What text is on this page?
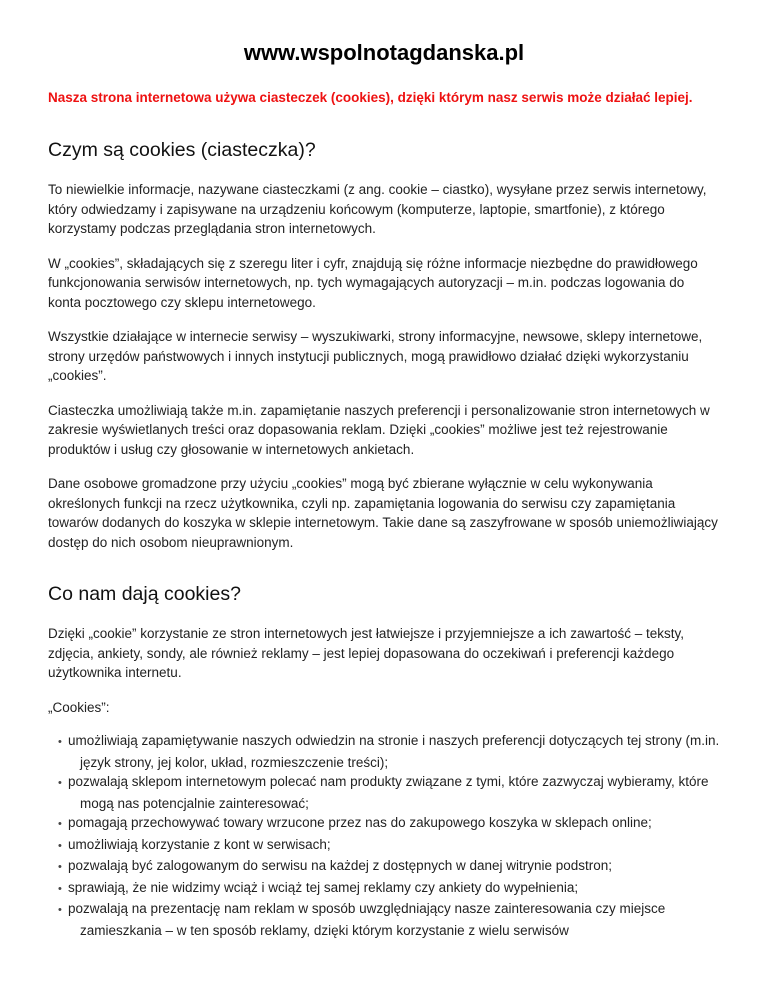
www.wspolnotagdanska.pl

Nasza strona internetowa używa ciasteczek (cookies), dzięki którym nasz serwis może działać lepiej.

Czym są cookies (ciasteczka)?

To niewielkie informacje, nazywane ciasteczkami (z ang. cookie – ciastko), wysyłane przez serwis internetowy, który odwiedzamy i zapisywane na urządzeniu końcowym (komputerze, laptopie, smartfonie), z którego korzystamy podczas przeglądania stron internetowych.

W „cookies”, składających się z szeregu liter i cyfr, znajdują się różne informacje niezbędne do prawidłowego funkcjonowania serwisów internetowych, np. tych wymagających autoryzacji – m.in. podczas logowania do konta pocztowego czy sklepu internetowego.

Wszystkie działające w internecie serwisy – wyszukiwarki, strony informacyjne, newsowe, sklepy internetowe, strony urzędów państwowych i innych instytucji publicznych, mogą prawidłowo działać dzięki wykorzystaniu „cookies”.

Ciasteczka umożliwiają także m.in. zapamiętanie naszych preferencji i personalizowanie stron internetowych w zakresie wyświetlanych treści oraz dopasowania reklam. Dzięki „cookies” możliwe jest też rejestrowanie produktów i usług czy głosowanie w internetowych ankietach.

Dane osobowe gromadzone przy użyciu „cookies” mogą być zbierane wyłącznie w celu wykonywania określonych funkcji na rzecz użytkownika, czyli np. zapamiętania logowania do serwisu czy zapamiętania towarów dodanych do koszyka w sklepie internetowym. Takie dane są zaszyfrowane w sposób uniemożliwiający dostęp do nich osobom nieuprawnionym.

Co nam dają cookies?

Dzięki „cookie” korzystanie ze stron internetowych jest łatwiejsze i przyjemniejsze a ich zawartość – teksty, zdjęcia, ankiety, sondy, ale również reklamy – jest lepiej dopasowana do oczekiwań i preferencji każdego użytkownika internetu.

„Cookies”:

• umożliwiają zapamiętywanie naszych odwiedzin na stronie i naszych preferencji dotyczących tej strony (m.in. język strony, jej kolor, układ, rozmieszczenie treści);
• pozwalają sklepom internetowym polecać nam produkty związane z tymi, które zazwyczaj wybieramy, które mogą nas potencjalnie zainteresować;
• pomagają przechowywać towary wrzucone przez nas do zakupowego koszyka w sklepach online;
• umożliwiają korzystanie z kont w serwisach;
• pozwalają być zalogowanym do serwisu na każdej z dostępnych w danej witrynie podstron;
• sprawiają, że nie widzimy wciąż i wciąż tej samej reklamy czy ankiety do wypełnienia;
• pozwalają na prezentację nam reklam w sposób uwzględniający nasze zainteresowania czy miejsce zamieszkania – w ten sposób reklamy, dzięki którym korzystanie z wielu serwisów
